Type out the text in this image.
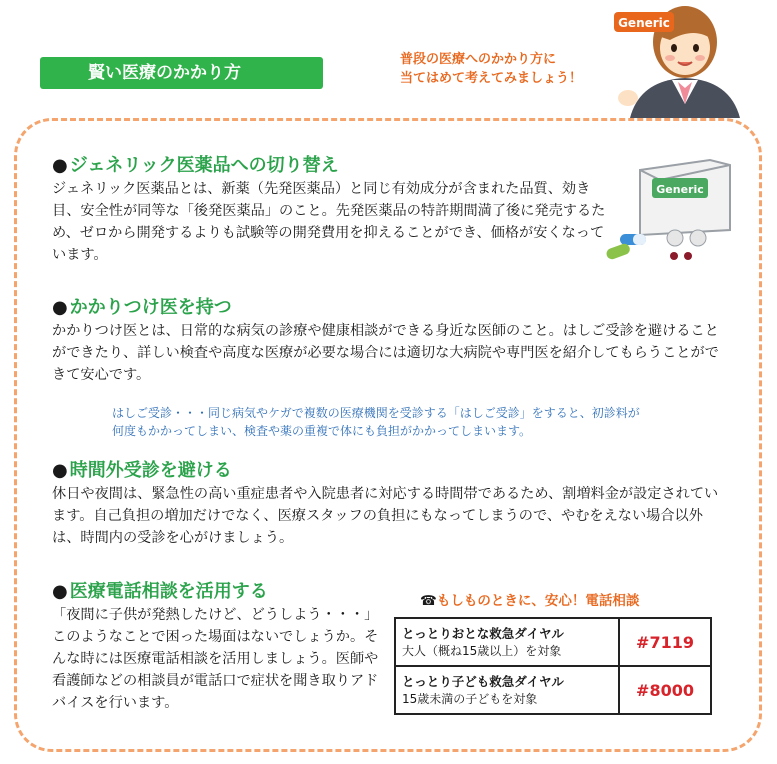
賢い医療のかかり方
普段の医療へのかかり方に
当てはめて考えてみましょう！
Generic
● ジェネリック医薬品への切り替え
ジェネリック医薬品とは、新薬（先発医薬品）と同じ有効成分が含まれた品質、効き目、安全性が同等な「後発医薬品」のこと。先発医薬品の特許期間満了後に発売するため、ゼロから開発するよりも試験等の開発費用を抑えることができ、価格が安くなっています。
Generic
● かかりつけ医を持つ
かかりつけ医とは、日常的な病気の診療や健康相談ができる身近な医師のこと。はしご受診を避けることができたり、詳しい検査や高度な医療が必要な場合には適切な大病院や専門医を紹介してもらうことができて安心です。
はしご受診・・・同じ病気やケガで複数の医療機関を受診する「はしご受診」をすると、初診料が
何度もかかってしまい、検査や薬の重複で体にも負担がかかってしまいます。
● 時間外受診を避ける
休日や夜間は、緊急性の高い重症患者や入院患者に対応する時間帯であるため、割増料金が設定されています。自己負担の増加だけでなく、医療スタッフの負担にもなってしまうので、やむをえない場合以外は、時間内の受診を心がけましょう。
● 医療電話相談を活用する
「夜間に子供が発熱したけど、どうしよう・・・」このようなことで困った場面はないでしょうか。そんな時には医療電話相談を活用しましょう。医師や看護師などの相談員が電話口で症状を聞き取りアドバイスを行います。
☎もしものときに、安心！電話相談
とっとりおとな救急ダイヤル
大人（概ね15歳以上）を対象	#7119

とっとり子ども救急ダイヤル
15歳未満の子どもを対象	#8000
